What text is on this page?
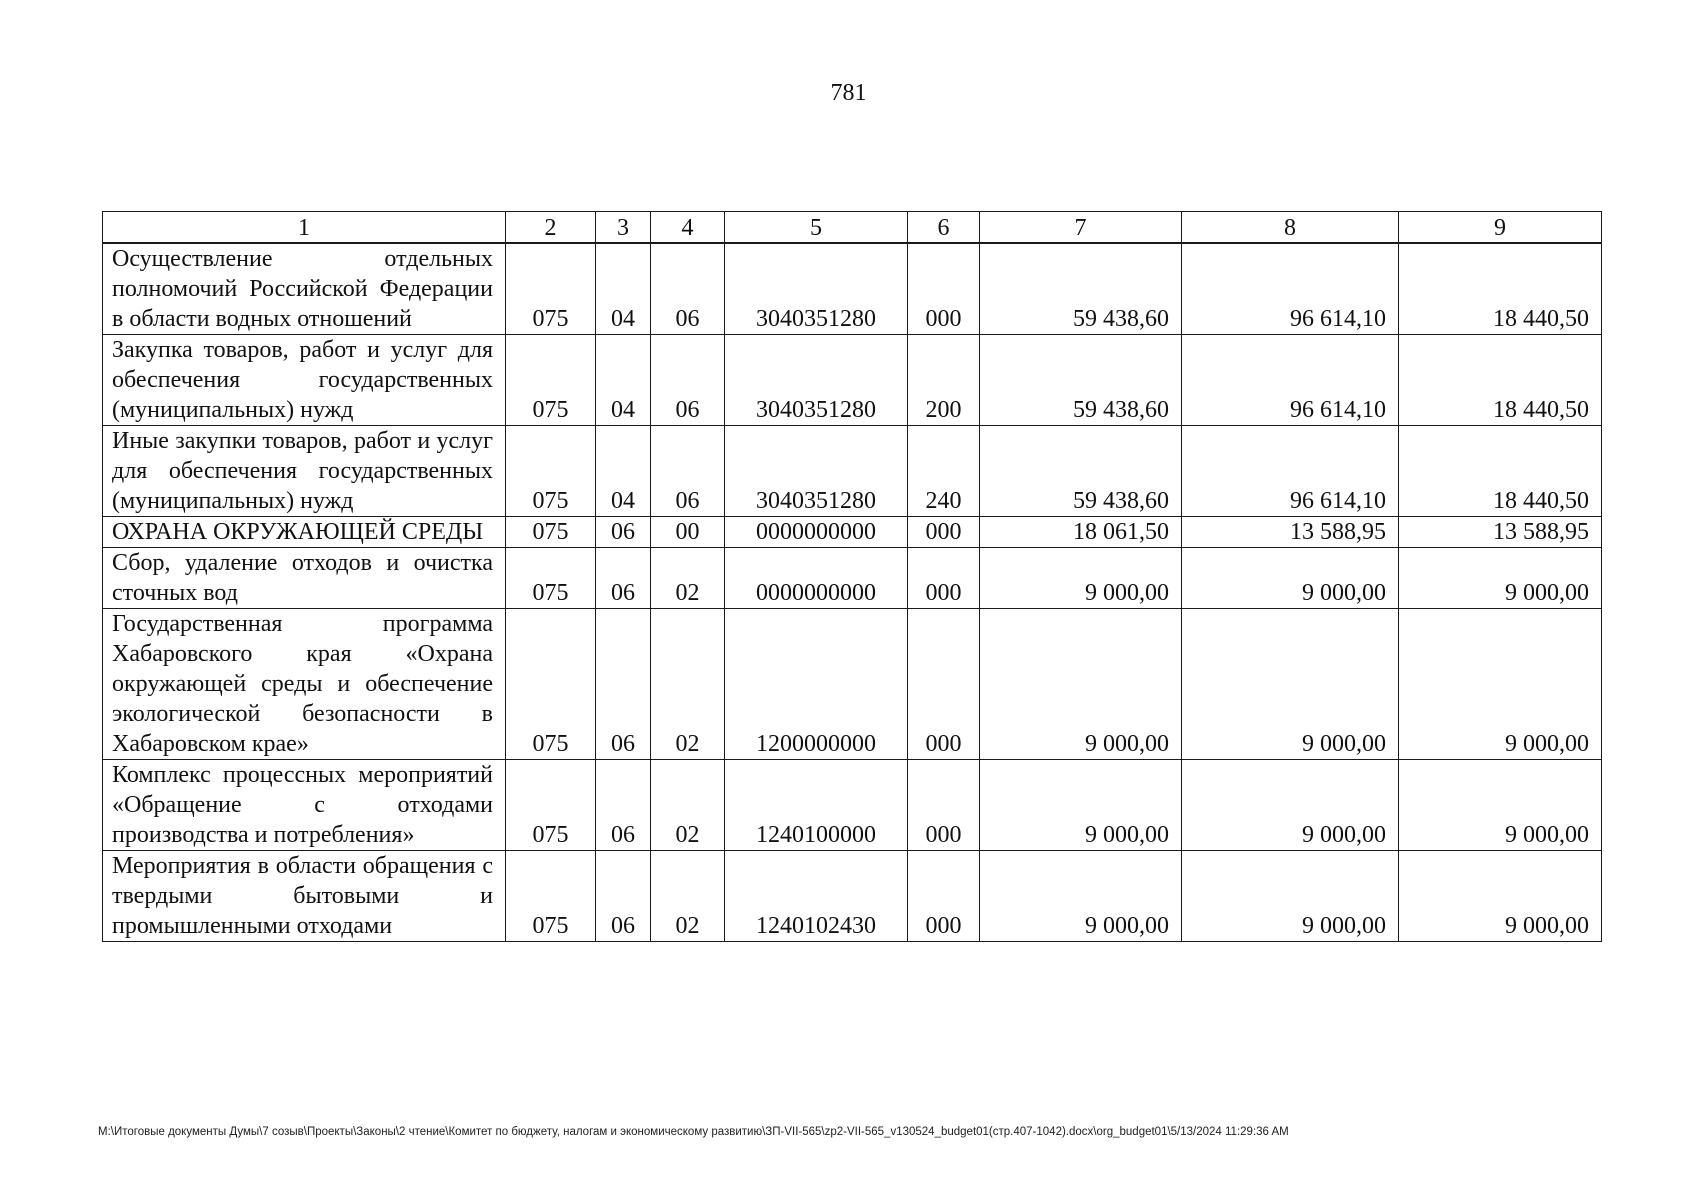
781
1	2	3	4	5	6	7	8	9
Осуществление отдельных полномочий Российской Федерации в области водных отношений	075	04	06	3040351280	000	59 438,60	96 614,10	18 440,50
Закупка товаров, работ и услуг для обеспечения государственных (муниципальных) нужд	075	04	06	3040351280	200	59 438,60	96 614,10	18 440,50
Иные закупки товаров, работ и услуг для обеспечения государственных (муниципальных) нужд	075	04	06	3040351280	240	59 438,60	96 614,10	18 440,50
ОХРАНА ОКРУЖАЮЩЕЙ СРЕДЫ	075	06	00	0000000000	000	18 061,50	13 588,95	13 588,95
Сбор, удаление отходов и очистка сточных вод	075	06	02	0000000000	000	9 000,00	9 000,00	9 000,00
Государственная программа Хабаровского края «Охрана окружающей среды и обеспечение экологической безопасности в Хабаровском крае»	075	06	02	1200000000	000	9 000,00	9 000,00	9 000,00
Комплекс процессных мероприятий «Обращение с отходами производства и потребления»	075	06	02	1240100000	000	9 000,00	9 000,00	9 000,00
Мероприятия в области обращения с твердыми бытовыми и промышленными отходами	075	06	02	1240102430	000	9 000,00	9 000,00	9 000,00
М:\Итоговые документы Думы\7 созыв\Проекты\Законы\2 чтение\Комитет по бюджету, налогам и экономическому развитию\ЗП-VII-565\zp2-VII-565_v130524_budget01(стр.407-1042).docx\org_budget01\5/13/2024 11:29:36 AM
